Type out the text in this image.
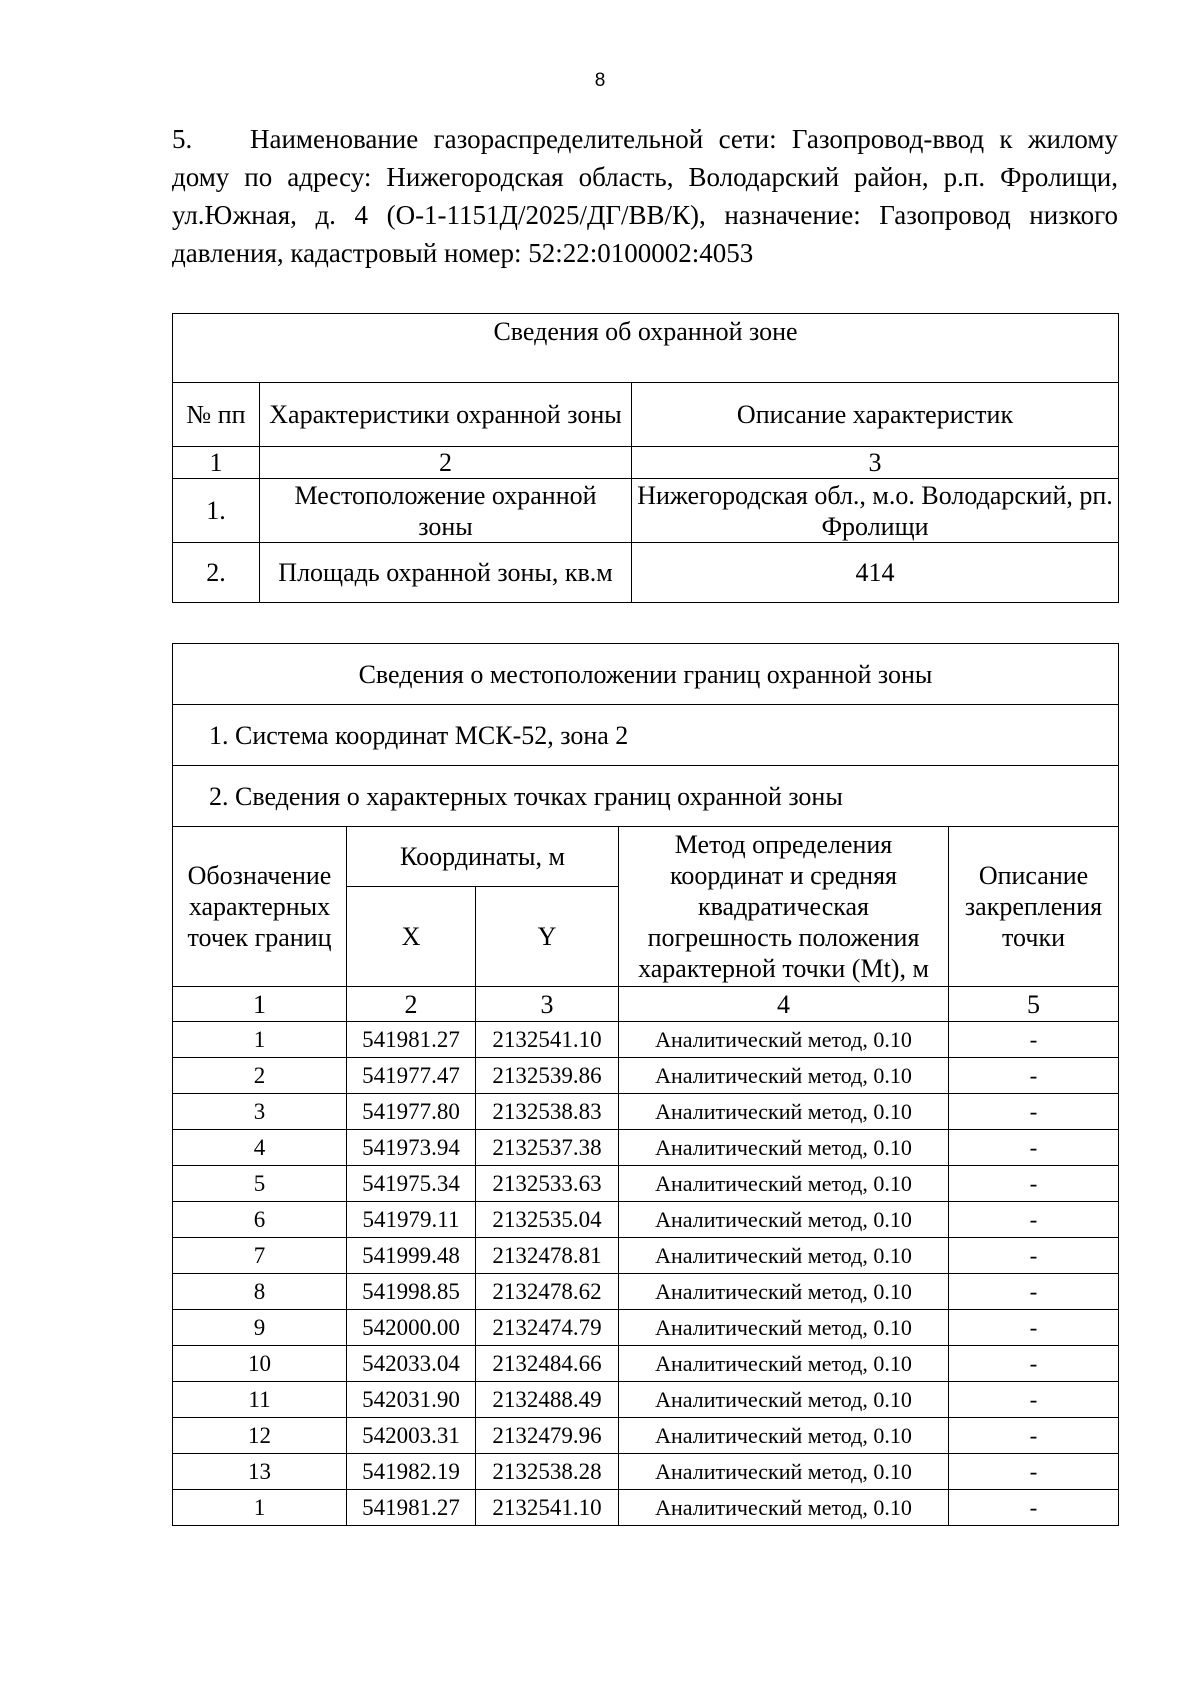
8
5. Наименование газораспределительной сети: Газопровод-ввод к жилому дому по адресу: Нижегородская область, Володарский район, р.п. Фролищи, ул.Южная, д. 4 (О-1-1151Д/2025/ДГ/ВВ/К), назначение: Газопровод низкого давления, кадастровый номер: 52:22:0100002:4053
Сведения об охранной зоне		
№ пп	Характеристики охранной зоны	Описание характеристик
1	2	3
1.	Местоположение охранной зоны	Нижегородская обл., м.о. Володарский, рп. Фролищи
2.	Площадь охранной зоны, кв.м	414
Сведения о местоположении границ охранной зоны				
1. Система координат МСК-52, зона 2				
2. Сведения о характерных точках границ охранной зоны				
Обозначение характерных точек границ	Координаты, м		Метод определения координат и средняя квадратическая погрешность положения характерной точки (Mt), м	Описание закрепления точки
	X	Y		
1	2	3	4	5
1	541981.27	2132541.10	Аналитический метод, 0.10	-
2	541977.47	2132539.86	Аналитический метод, 0.10	-
3	541977.80	2132538.83	Аналитический метод, 0.10	-
4	541973.94	2132537.38	Аналитический метод, 0.10	-
5	541975.34	2132533.63	Аналитический метод, 0.10	-
6	541979.11	2132535.04	Аналитический метод, 0.10	-
7	541999.48	2132478.81	Аналитический метод, 0.10	-
8	541998.85	2132478.62	Аналитический метод, 0.10	-
9	542000.00	2132474.79	Аналитический метод, 0.10	-
10	542033.04	2132484.66	Аналитический метод, 0.10	-
11	542031.90	2132488.49	Аналитический метод, 0.10	-
12	542003.31	2132479.96	Аналитический метод, 0.10	-
13	541982.19	2132538.28	Аналитический метод, 0.10	-
1	541981.27	2132541.10	Аналитический метод, 0.10	-
